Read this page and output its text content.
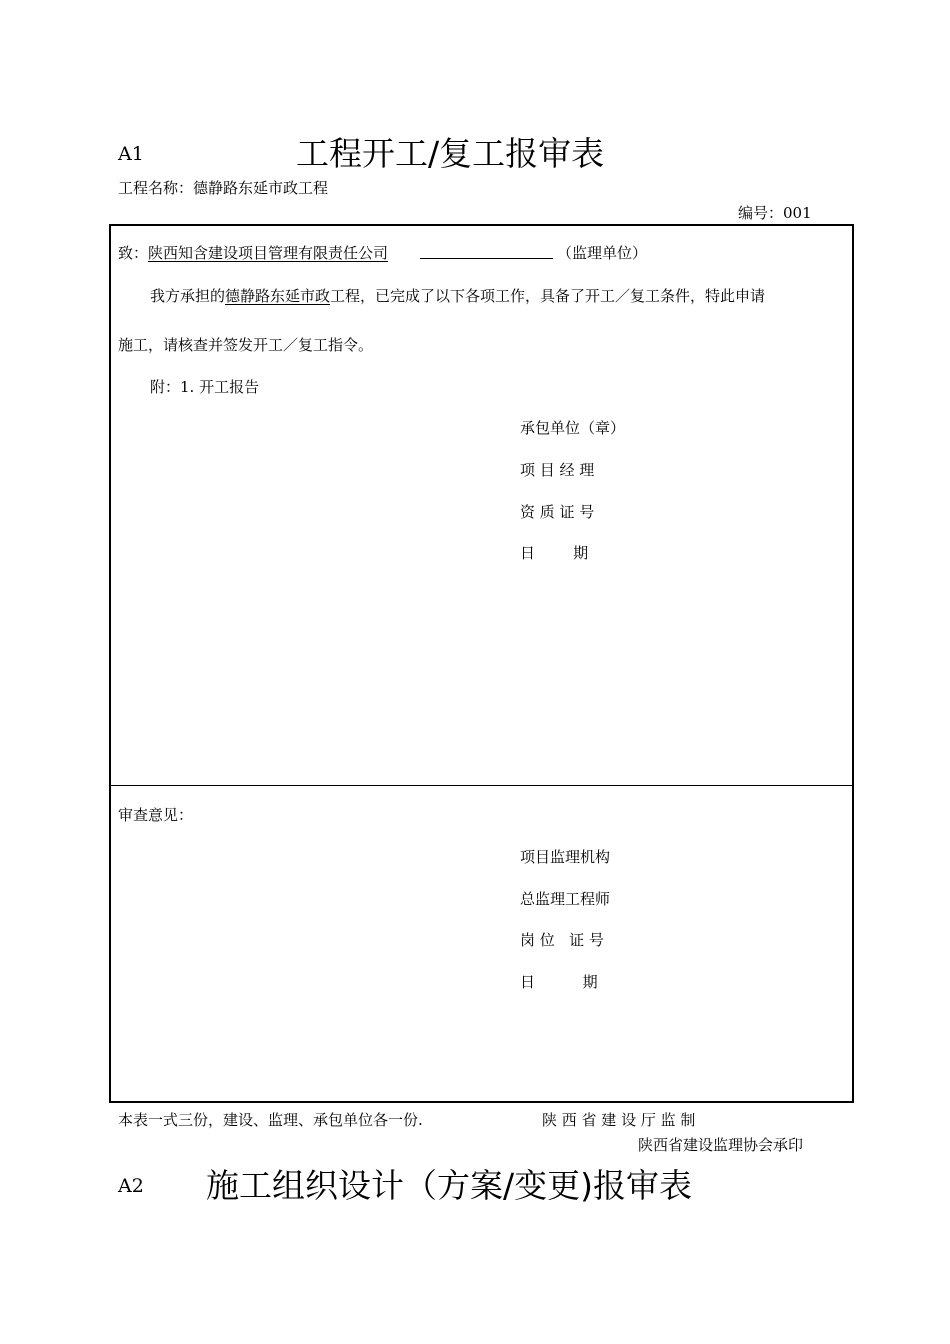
A1	工程开工/复工报审表
工程名称：德静路东延市政工程
编号：001
致：陕西知含建设项目管理有限责任公司	（监理单位）
我方承担的德静路东延市政工程，已完成了以下各项工作，具备了开工／复工条件，特此申请
施工，请核查并签发开工／复工指令。
附：1. 开工报告
承包单位（章）
项 目 经 理
资 质 证 号
日        期
审查意见：
项目监理机构
总监理工程师
岗 位   证 号
日          期
本表一式三份，建设、监理、承包单位各一份.	陕 西 省 建 设 厅 监 制
陕西省建设监理协会承印
A2 施工组织设计（方案/变更)报审表
